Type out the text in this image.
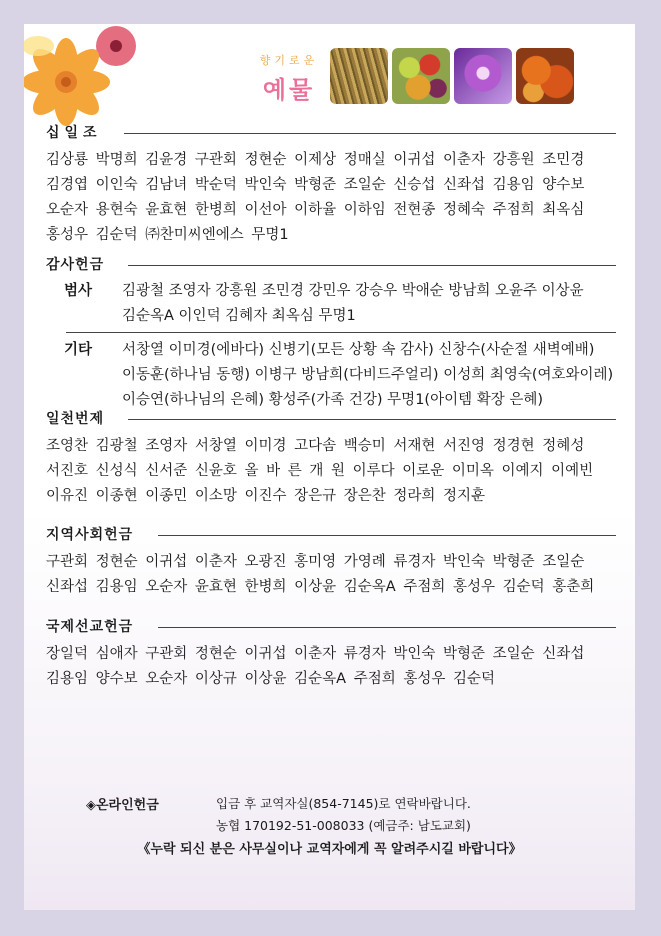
향기로운
예물
십일조
김상룡 박명희 김윤경 구관회 정현순 이제상 정매실 이귀섭 이춘자 강흥원 조민경
김경엽 이인숙 김남녀 박순덕 박인숙 박형준 조일순 신승섭 신좌섭 김용임 양수보
오순자 용현숙 윤효현 한병희 이선아 이하율 이하임 전현종 정혜숙 주점희 최옥심
홍성우 김순덕 ㈜찬미씨엔에스 무명1
감사헌금
범사 김광철 조영자 강흥원 조민경 강민우 강승우 박애순 방남희 오윤주 이상윤
김순옥A 이인덕 김혜자 최옥심 무명1
기타 서창열 이미경(에바다) 신병기(모든 상황 속 감사) 신창수(사순절 새벽예배)
이동훈(하나님 동행) 이병구 방남희(다비드주얼리) 이성희 최영숙(여호와이레)
이승연(하나님의 은혜) 황성주(가족 건강) 무명1(아이템 확장 은혜)
일천번제
조영찬 김광철 조영자 서창열 이미경 고다솜 백승미 서재현 서진영 정경현 정혜성
서진호 신성식 신서준 신윤호 올 바 른 개 원 이루다 이로운 이미옥 이예지 이예빈
이유진 이종현 이종민 이소망 이진수 장은규 장은찬 정라희 정지훈
지역사회헌금
구관회 정현순 이귀섭 이춘자 오광진 홍미영 가영례 류경자 박인숙 박형준 조일순
신좌섭 김용임 오순자 윤효현 한병희 이상윤 김순옥A 주점희 홍성우 김순덕 홍춘희
국제선교헌금
장일덕 심애자 구관회 정현순 이귀섭 이춘자 류경자 박인숙 박형준 조일순 신좌섭
김용임 양수보 오순자 이상규 이상윤 김순옥A 주점희 홍성우 김순덕
◈온라인헌금	입금 후 교역자실(854-7145)로 연락바랍니다.
농협 170192-51-008033 (예금주: 남도교회)
《누락 되신 분은 사무실이나 교역자에게 꼭 알려주시길 바랍니다》
